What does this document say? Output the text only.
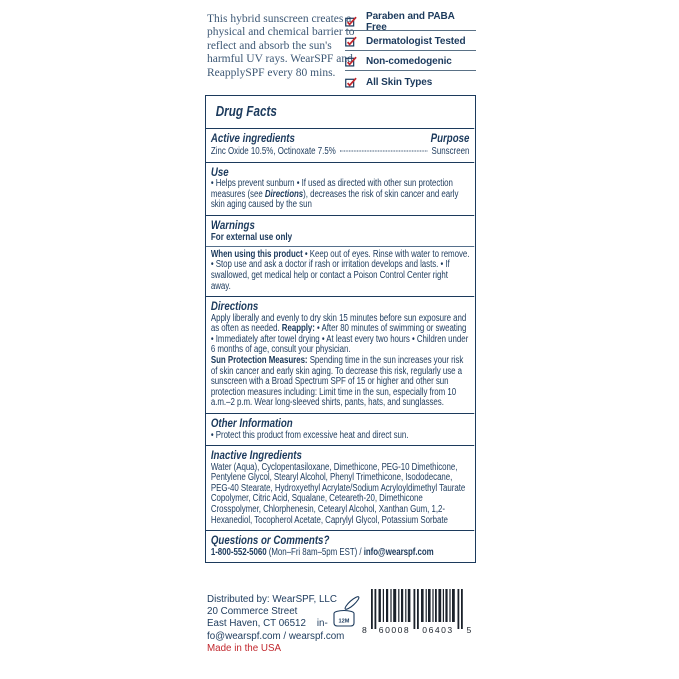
This hybrid sunscreen creates a physical and chemical barrier to reflect and absorb the sun's harmful UV rays. WearSPF and ReapplySPF every 80 mins.

Paraben and PABA Free
Dermatologist Tested
Non-comedogenic
All Skin Types
Drug Facts
Active ingredients	Purpose
Zinc Oxide 10.5%, Octinoxate 7.5%	Sunscreen
Use
• Helps prevent sunburn • If used as directed with other sun protection measures (see Directions), decreases the risk of skin cancer and early skin aging caused by the sun
Warnings
For external use only
When using this product • Keep out of eyes. Rinse with water to remove. • Stop use and ask a doctor if rash or irritation develops and lasts. • If swallowed, get medical help or contact a Poison Control Center right away.
Directions
Apply liberally and evenly to dry skin 15 minutes before sun exposure and as often as needed. Reapply: • After 80 minutes of swimming or sweating • Immediately after towel drying • At least every two hours • Children under 6 months of age, consult your physician.
Sun Protection Measures: Spending time in the sun increases your risk of skin cancer and early skin aging. To decrease this risk, regularly use a sunscreen with a Broad Spectrum SPF of 15 or higher and other sun protection measures including: Limit time in the sun, especially from 10 a.m.–2 p.m. Wear long-sleeved shirts, pants, hats, and sunglasses.
Other Information
• Protect this product from excessive heat and direct sun.
Inactive Ingredients
Water (Aqua), Cyclopentasiloxane, Dimethicone, PEG-10 Dimethicone, Pentylene Glycol, Stearyl Alcohol, Phenyl Trimethicone, Isododecane, PEG-40 Stearate, Hydroxyethyl Acrylate/Sodium Acryloyldimethyl Taurate Copolymer, Citric Acid, Squalane, Ceteareth-20, Dimethicone Crosspolymer, Chlorphenesin, Cetearyl Alcohol, Xanthan Gum, 1,2-Hexanediol, Tocopherol Acetate, Caprylyl Glycol, Potassium Sorbate
Questions or Comments?
1-800-552-5060 (Mon–Fri 8am–5pm EST) / info@wearspf.com
Distributed by: WearSPF, LLC
20 Commerce Street
East Haven, CT 06512    in-
fo@wearspf.com / wearspf.com
Made in the USA
12M
8 60008 06403 5
